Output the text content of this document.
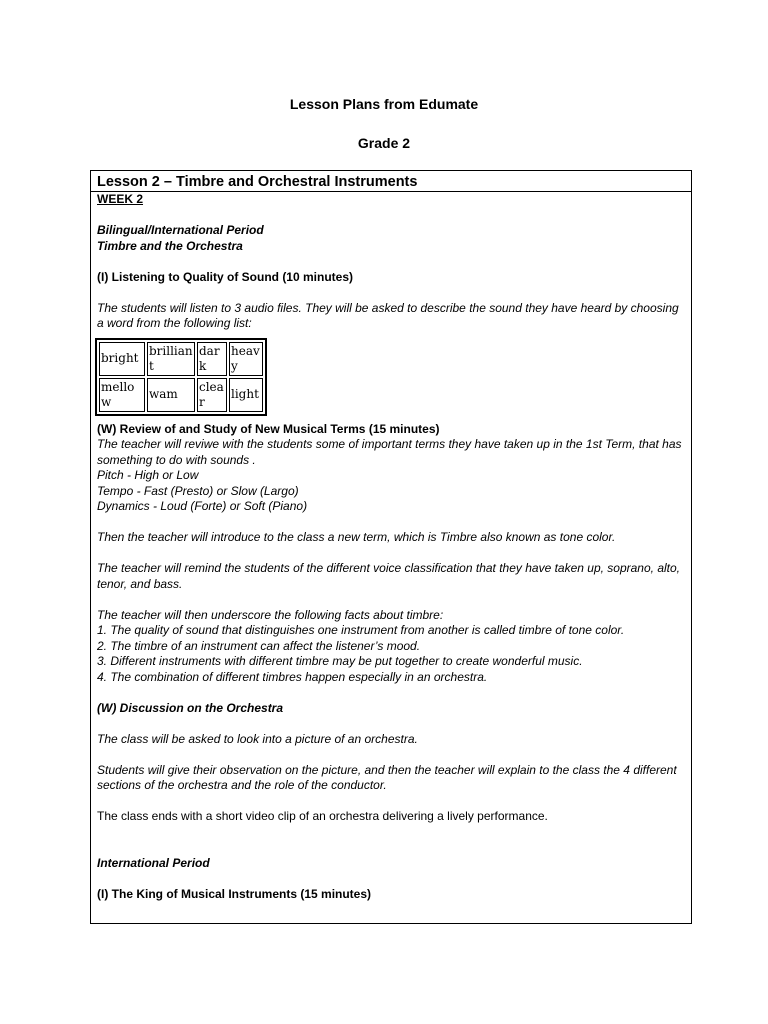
Lesson Plans from Edumate
Grade 2
Lesson 2 – Timbre and Orchestral Instruments

WEEK 2

Bilingual/International Period

Timbre and the Orchestra

(I) Listening to Quality of Sound (10 minutes)

The students will listen to 3 audio files. They will be asked to describe the sound they have heard by choosing a word from the following list:

bright	brilliant	dark	heavy
mellow	wam	clear	light

(W) Review of and Study of New Musical Terms (15 minutes)

The teacher will reviwe with the students some of important terms they have taken up in the 1st Term, that has something to do with sounds .

Pitch - High or Low

Tempo - Fast (Presto) or Slow (Largo)

Dynamics - Loud (Forte) or Soft (Piano)

Then the teacher will introduce to the class a new term, which is Timbre also known as tone color.

The teacher will remind the students of the different voice classification that they have taken up, soprano, alto, tenor, and bass.

The teacher will then underscore the following facts about timbre:

1. The quality of sound that distinguishes one instrument from another is called timbre of tone color.

2. The timbre of an instrument can affect the listener’s mood.

3. Different instruments with different timbre may be put together to create wonderful music.

4. The combination of different timbres happen especially in an orchestra.

(W) Discussion on the Orchestra

The class will be asked to look into a picture of an orchestra.

Students will give their observation on the picture, and then the teacher will explain to the class the 4 different sections of the orchestra and the role of the conductor.

The class ends with a short video clip of an orchestra delivering a lively performance.

International Period

(I) The King of Musical Instruments (15 minutes)
